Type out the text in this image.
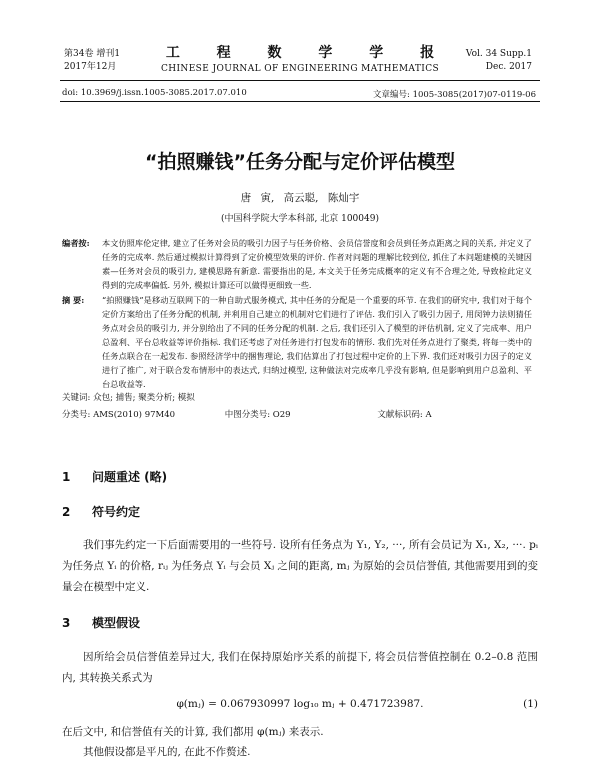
第34卷 增刊1
2017年12月
工 程 数 学 学 报
CHINESE JOURNAL OF ENGINEERING MATHEMATICS
Vol. 34 Supp.1
Dec. 2017
doi: 10.3969/j.issn.1005-3085.2017.07.010	文章编号: 1005-3085(2017)07-0119-06
“拍照赚钱”任务分配与定价评估模型
唐 寅, 高云聪, 陈灿宇
(中国科学院大学本科部, 北京 100049)
编者按: 本文仿照库伦定律, 建立了任务对会员的吸引力因子与任务价格、会员信誉度和会员到任务点距离之间的关系, 并定义了任务的完成率. 然后通过模拟计算得到了定价模型效果的评价. 作者对问题的理解比较到位, 抓住了本问题建模的关键因素—任务对会员的吸引力, 建模思路有新意. 需要指出的是, 本文关于任务完成概率的定义有不合理之处, 导致检此定义得到的完成率偏低. 另外, 模拟计算还可以做得更细致一些.
摘 要: “拍照赚钱”是移动互联网下的一种自助式服务模式, 其中任务的分配是一个重要的环节. 在我们的研究中, 我们对于每个定价方案给出了任务分配的机制, 并利用自己建立的机制对它们进行了评估. 我们引入了吸引力因子, 用闵钟力法则猜任务点对会员的吸引力, 并分别给出了不同的任务分配的机制. 之后, 我们还引入了模型的评估机制, 定义了完成率、用户总盈利、平台总收益等评价指标. 我们还考虑了对任务进行打包发布的情形. 我们先对任务点进行了聚类, 将每一类中的任务点联合在一起发布. 参照经济学中的捆售理论, 我们估算出了打包过程中定价的上下界. 我们还对吸引力因子的定义进行了推广, 对于联合发布情形中的表达式, 归纳过模型, 这种做法对完成率几乎没有影响, 但是影响到用户总盈利、平台总收益等.
关键词: 众包; 捕售; 聚类分析; 模拟
分类号: AMS(2010) 97M40	中图分类号: O29	文献标识码: A
1 问题重述 (略)
2 符号约定
我们事先约定一下后面需要用的一些符号. 设所有任务点为 Y₁, Y₂, ···, 所有会员记为 X₁, X₂, ···. pᵢ 为任务点 Yᵢ 的价格, rᵢⱼ 为任务点 Yᵢ 与会员 Xⱼ 之间的距离, mⱼ 为原始的会员信誉值, 其他需要用到的变量会在模型中定义.
3 模型假设
因所给会员信誉值差异过大, 我们在保持原始序关系的前提下, 将会员信誉值控制在 0.2–0.8 范围内, 其转换关系式为
φ(mⱼ) = 0.067930997 log₁₀ mⱼ + 0.471723987.	(1)
在后文中, 和信誉值有关的计算, 我们都用 φ(mⱼ) 来表示.
其他假设都是平凡的, 在此不作赘述.
